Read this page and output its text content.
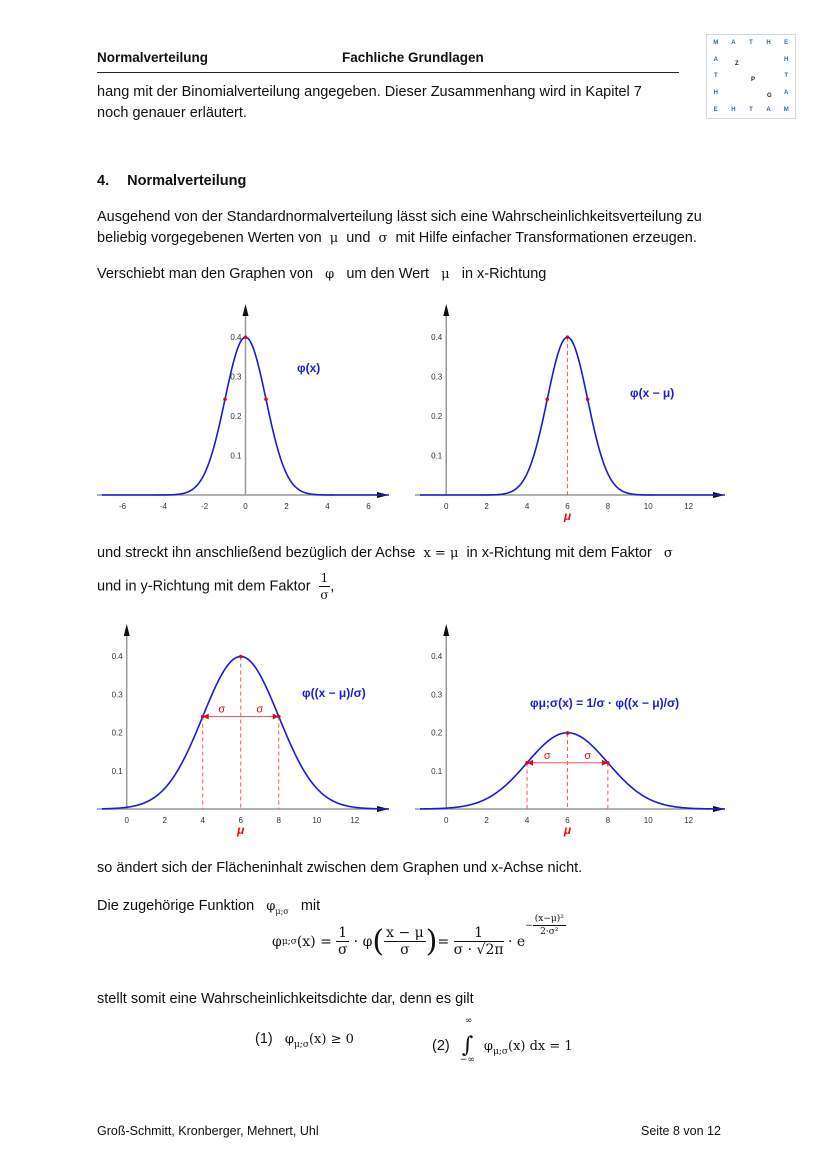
Normalverteilung	Fachliche Grundlagen
M	A	T	H	E
E	H	T	A	M
A
T
H
H
T
A
Z
P
G
hang mit der Binomialverteilung angegeben. Dieser Zusammenhang wird in Kapitel 7
noch genauer erläutert.
4. Normalverteilung
Ausgehend von der Standardnormalverteilung lässt sich eine Wahrscheinlichkeitsverteilung zu
beliebig vorgegebenen Werten von μ und σ mit Hilfe einfacher Transformationen erzeugen.
Verschiebt man den Graphen von φ um den Wert μ in x-Richtung
-6	-4	-2	0	2	4	6
0.1
0.2
0.3
0.4
φ(x)
0	2	4	6	8	10	12
0.1
0.2
0.3
0.4
μ
φ(x − μ)
und streckt ihn anschließend bezüglich der Achse x = μ in x-Richtung mit dem Faktor σ
und in y-Richtung mit dem Faktor $\frac{1}{\sigma}$ ,
0	2	4	6	8	10	12
0.1
0.2
0.3
0.4
μ
σ	σ
φ((x − μ)/σ)
0	2	4	6	8	10	12
0.1
0.2
0.3
0.4
μ
σ	σ
φμ;σ(x) = 1/σ · φ((x − μ)/σ)
so ändert sich der Flächeninhalt zwischen dem Graphen und x-Achse nicht.
Die zugehörige Funktion $\varphi_{\mu;\sigma}$ mit
φ μ;σ (x) =
$\frac{1}{\sigma}$
· φ ( $\frac{x - \mu}{\sigma}$ ) =
$\frac{1}{\sigma \cdot √2\pi}$
· e
− $\frac{\text{(x−μ)²}}{\text{2·σ²}}$
stellt somit eine Wahrscheinlichkeitsdichte dar, denn es gilt
(1) $\varphi_{\mu;\sigma}(x) \ge 0$	(2)
∞
∫
−∞
$\varphi_{\mu;\sigma}(x)$ dx = 1
Groß-Schmitt, Kronberger, Mehnert, Uhl	Seite 8 von 12
